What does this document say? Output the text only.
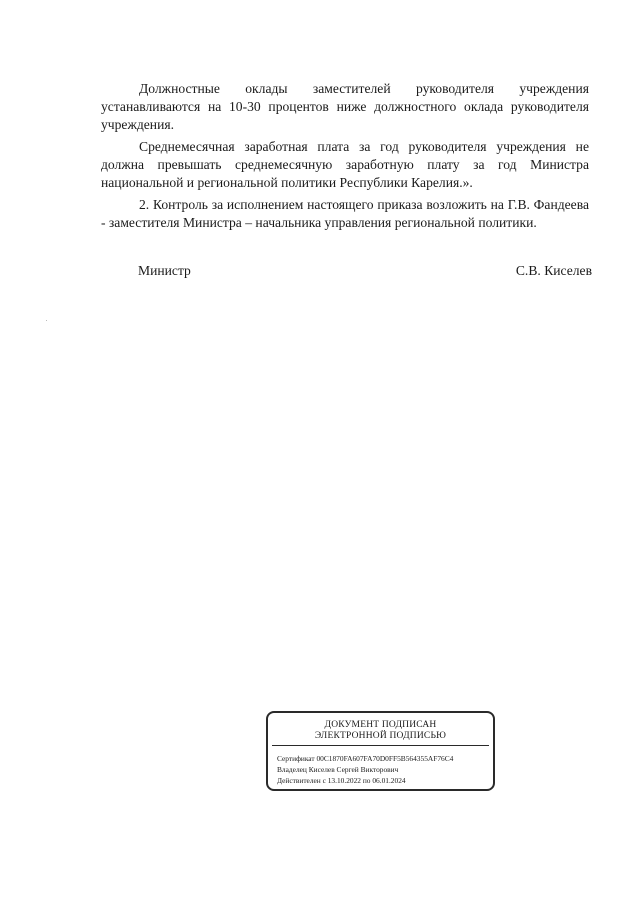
Должностные оклады заместителей руководителя учреждения устанавливаются на 10-30 процентов ниже должностного оклада руководителя учреждения.

Среднемесячная заработная плата за год руководителя учреждения не должна превышать среднемесячную заработную плату за год Министра национальной и региональной политики Республики Карелия.».

2. Контроль за исполнением настоящего приказа возложить на Г.В. Фандеева - заместителя Министра – начальника управления региональной политики.

Министр	С.В. Киселев
ДОКУМЕНТ ПОДПИСАН
ЭЛЕКТРОННОЙ ПОДПИСЬЮ
Сертификат 00C1870FA607FA70D0FF5B564355AF76C4
Владелец Киселев Сергей Викторович
Действителен с 13.10.2022 по 06.01.2024
